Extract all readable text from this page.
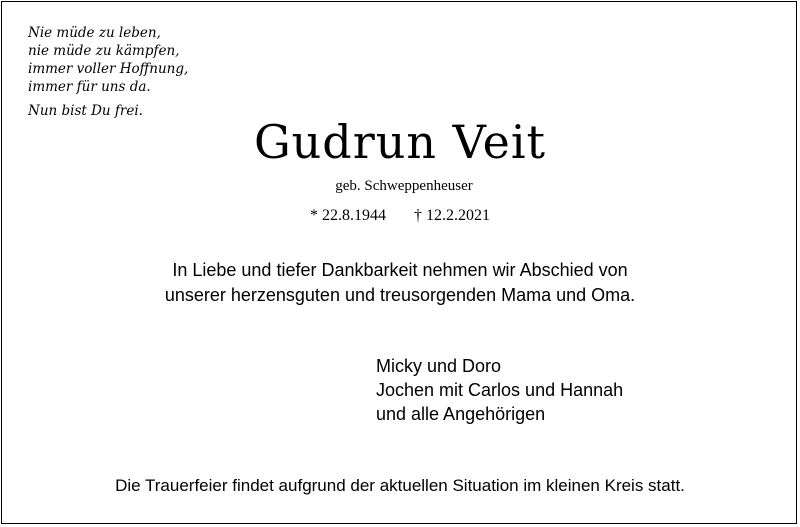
Nie müde zu leben,
nie müde zu kämpfen,
immer voller Hoffnung,
immer für uns da.
Nun bist Du frei.
Gudrun Veit
geb. Schweppenheuser
* 22.8.1944 † 12.2.2021
In Liebe und tiefer Dankbarkeit nehmen wir Abschied von
unserer herzensguten und treusorgenden Mama und Oma.
Micky und Doro
Jochen mit Carlos und Hannah
und alle Angehörigen
Die Trauerfeier findet aufgrund der aktuellen Situation im kleinen Kreis statt.
